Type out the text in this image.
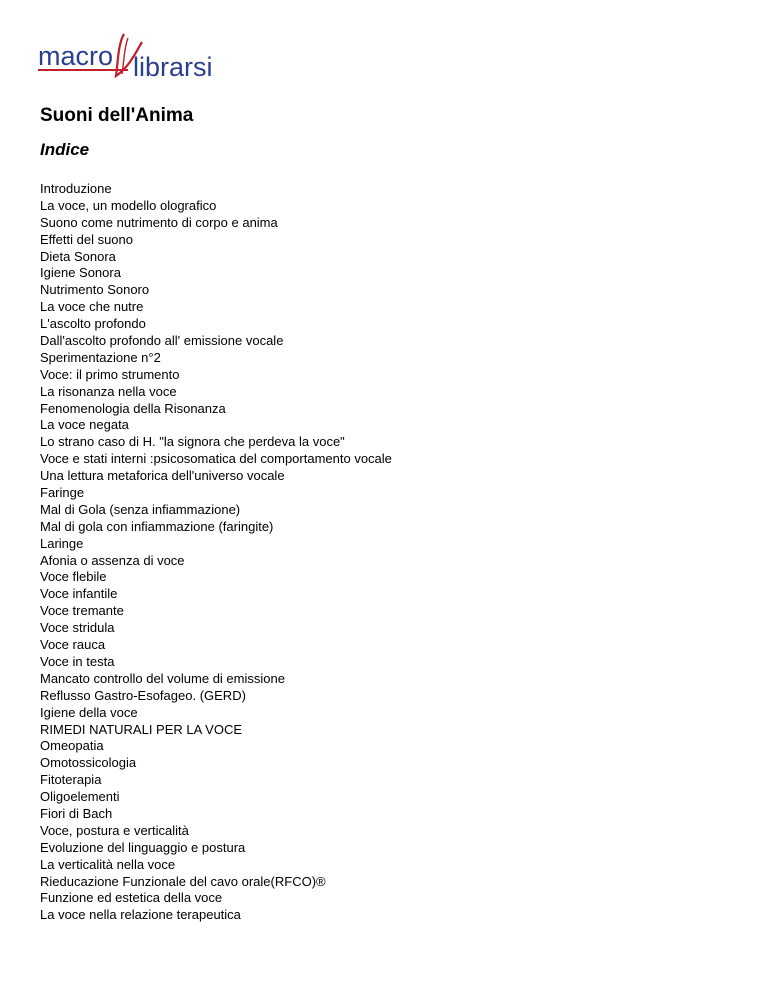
macro librarsi
Suoni dell'Anima
Indice
Introduzione
La voce, un modello olografico
Suono come nutrimento di corpo e anima
Effetti del suono
Dieta Sonora
Igiene Sonora
Nutrimento Sonoro
La voce che nutre
L'ascolto profondo
Dall'ascolto profondo all' emissione vocale
Sperimentazione n°2
Voce: il primo strumento
La risonanza nella voce
Fenomenologia della Risonanza
La voce negata
Lo strano caso di H. "la signora che perdeva la voce"
Voce e stati interni :psicosomatica del comportamento vocale
Una lettura metaforica dell'universo vocale
Faringe
Mal di Gola (senza infiammazione)
Mal di gola con infiammazione (faringite)
Laringe
Afonia o assenza di voce
Voce flebile
Voce infantile
Voce tremante
Voce stridula
Voce rauca
Voce in testa
Mancato controllo del volume di emissione
Reflusso Gastro-Esofageo. (GERD)
Igiene della voce
RIMEDI NATURALI PER LA VOCE
Omeopatia
Omotossicologia
Fitoterapia
Oligoelementi
Fiori di Bach
Voce, postura e verticalità
Evoluzione del linguaggio e postura
La verticalità nella voce
Rieducazione Funzionale del cavo orale(RFCO)®
Funzione ed estetica della voce
La voce nella relazione terapeutica
